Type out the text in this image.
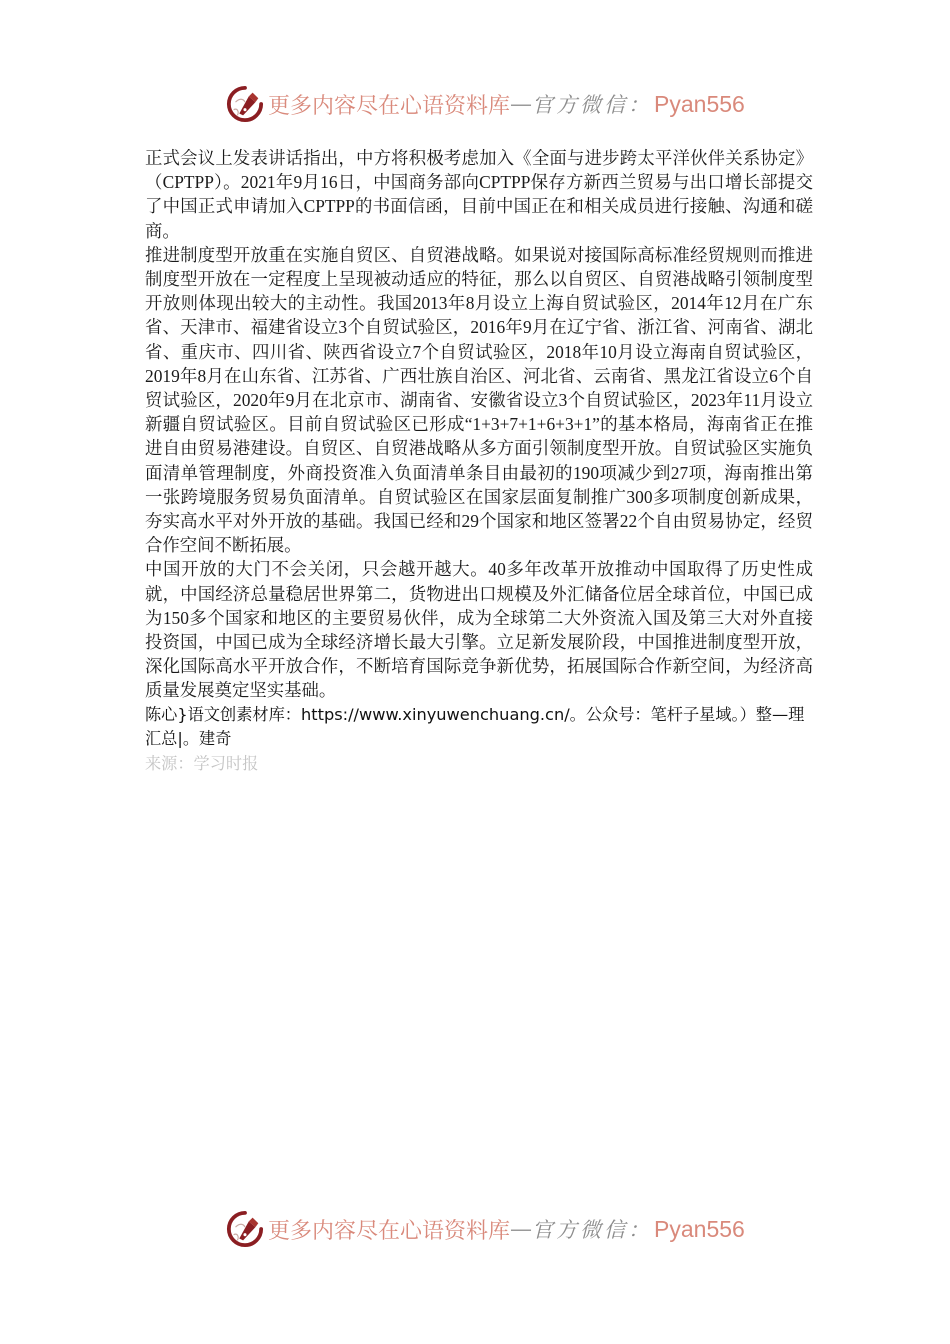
更多内容尽在心语资料库 — 官方微信： Pyan556

正式会议上发表讲话指出，中方将积极考虑加入《全面与进步跨太平洋伙伴关系协定》（CPTPP）。2021年9月16日，中国商务部向CPTPP保存方新西兰贸易与出口增长部提交了中国正式申请加入CPTPP的书面信函，目前中国正在和相关成员进行接触、沟通和磋商。

推进制度型开放重在实施自贸区、自贸港战略。如果说对接国际高标准经贸规则而推进制度型开放在一定程度上呈现被动适应的特征，那么以自贸区、自贸港战略引领制度型开放则体现出较大的主动性。我国2013年8月设立上海自贸试验区，2014年12月在广东省、天津市、福建省设立3个自贸试验区，2016年9月在辽宁省、浙江省、河南省、湖北省、重庆市、四川省、陕西省设立7个自贸试验区，2018年10月设立海南自贸试验区，2019年8月在山东省、江苏省、广西壮族自治区、河北省、云南省、黑龙江省设立6个自贸试验区，2020年9月在北京市、湖南省、安徽省设立3个自贸试验区，2023年11月设立新疆自贸试验区。目前自贸试验区已形成“1+3+7+1+6+3+1”的基本格局，海南省正在推进自由贸易港建设。自贸区、自贸港战略从多方面引领制度型开放。自贸试验区实施负面清单管理制度，外商投资准入负面清单条目由最初的190项减少到27项，海南推出第一张跨境服务贸易负面清单。自贸试验区在国家层面复制推广300多项制度创新成果，夯实高水平对外开放的基础。我国已经和29个国家和地区签署22个自由贸易协定，经贸合作空间不断拓展。

中国开放的大门不会关闭，只会越开越大。40多年改革开放推动中国取得了历史性成就，中国经济总量稳居世界第二，货物进出口规模及外汇储备位居全球首位，中国已成为150多个国家和地区的主要贸易伙伴，成为全球第二大外资流入国及第三大对外直接投资国，中国已成为全球经济增长最大引擎。立足新发展阶段，中国推进制度型开放，深化国际高水平开放合作，不断培育国际竞争新优势，拓展国际合作新空间，为经济高质量发展奠定坚实基础。

陈心}语文创素材库：https://www.xinyuwenchuang.cn/。公众号：笔杆子星域。）整—理汇总|。建奇

来源：学习时报

更多内容尽在心语资料库 — 官方微信： Pyan556
